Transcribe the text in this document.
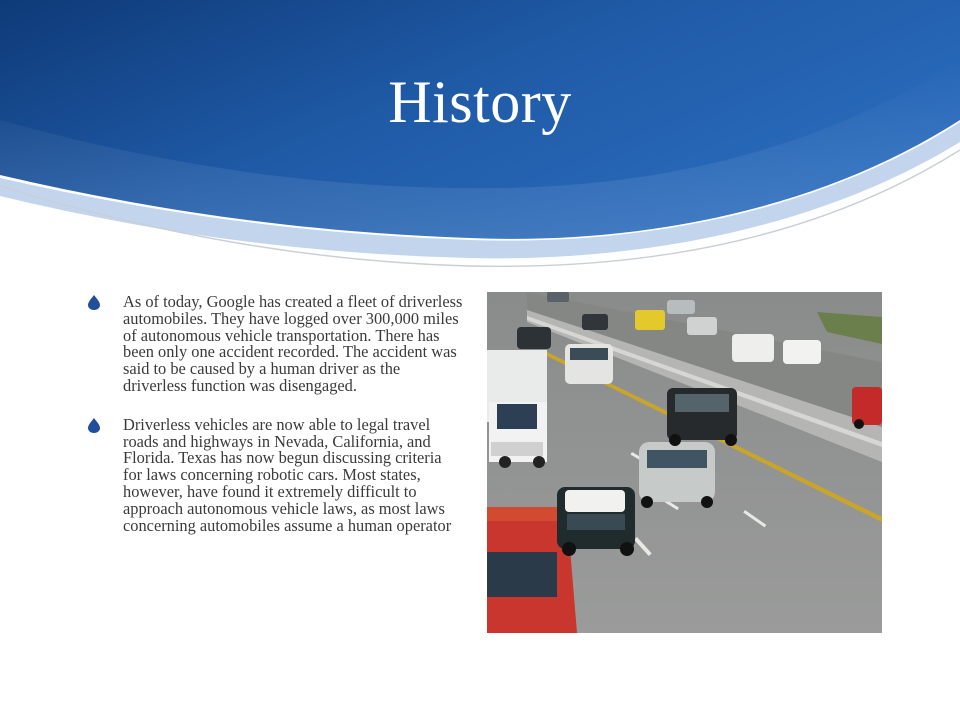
History
As of today, Google has created a fleet of driverless automobiles. They have logged over 300,000 miles of autonomous vehicle transportation. There has been only one accident recorded. The accident was said to be caused by a human driver as the driverless function was disengaged.
Driverless vehicles are now able to legal travel roads and highways in Nevada, California, and Florida. Texas has now begun discussing criteria for laws concerning robotic cars. Most states, however, have found it extremely difficult to approach autonomous vehicle laws, as most laws concerning automobiles assume a human operator
